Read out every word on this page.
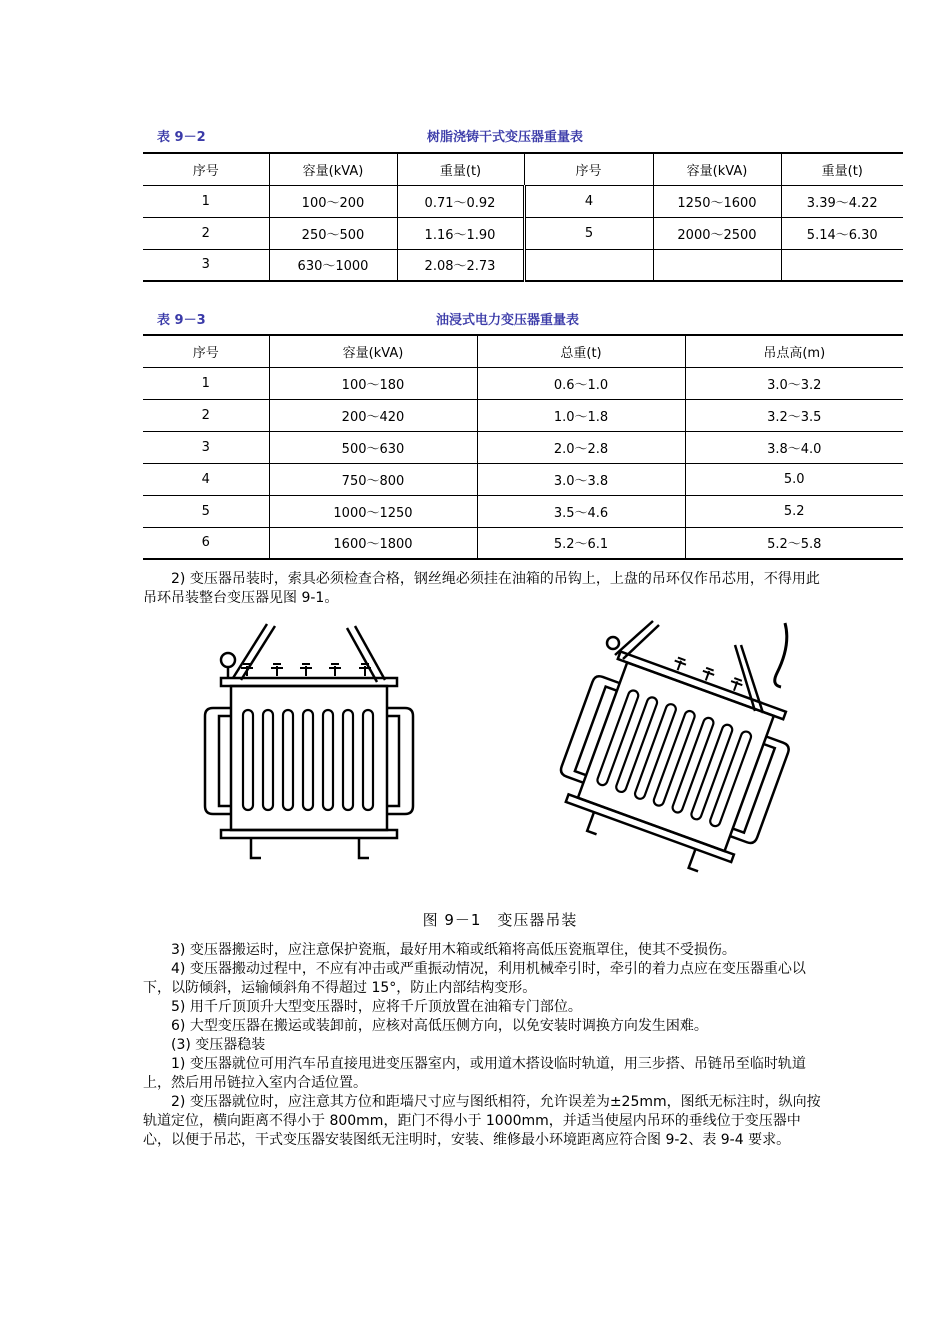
表 9－2	树脂浇铸干式变压器重量表
序号	容量(kVA)	重量(t)	序号	容量(kVA)	重量(t)
1	100～200	0.71～0.92	4	1250～1600	3.39～4.22
2	250～500	1.16～1.90	5	2000～2500	5.14～6.30
3	630～1000	2.08～2.73			
表 9－3	油浸式电力变压器重量表
序号	容量(kVA)	总重(t)	吊点高(m)
1	100～180	0.6～1.0	3.0～3.2
2	200～420	1.0～1.8	3.2～3.5
3	500～630	2.0～2.8	3.8～4.0
4	750～800	3.0～3.8	5.0
5	1000～1250	3.5～4.6	5.2
6	1600～1800	5.2～6.1	5.2～5.8

2) 变压器吊装时，索具必须检查合格，钢丝绳必须挂在油箱的吊钩上，上盘的吊环仅作吊芯用，不得用此吊环吊装整台变压器见图 9-1。

图 9－1　变压器吊装

3) 变压器搬运时，应注意保护瓷瓶，最好用木箱或纸箱将高低压瓷瓶罩住，使其不受损伤。

4) 变压器搬动过程中，不应有冲击或严重振动情况，利用机械牵引时，牵引的着力点应在变压器重心以下，以防倾斜，运输倾斜角不得超过 15°，防止内部结构变形。

5) 用千斤顶顶升大型变压器时，应将千斤顶放置在油箱专门部位。

6) 大型变压器在搬运或装卸前，应核对高低压侧方向，以免安装时调换方向发生困难。

(3) 变压器稳装

1) 变压器就位可用汽车吊直接甩进变压器室内，或用道木搭设临时轨道，用三步搭、吊链吊至临时轨道上，然后用吊链拉入室内合适位置。

2) 变压器就位时，应注意其方位和距墙尺寸应与图纸相符，允许误差为±25mm，图纸无标注时，纵向按轨道定位，横向距离不得小于 800mm，距门不得小于 1000mm，并适当使屋内吊环的垂线位于变压器中心，以便于吊芯，干式变压器安装图纸无注明时，安装、维修最小环境距离应符合图 9-2、表 9-4 要求。
